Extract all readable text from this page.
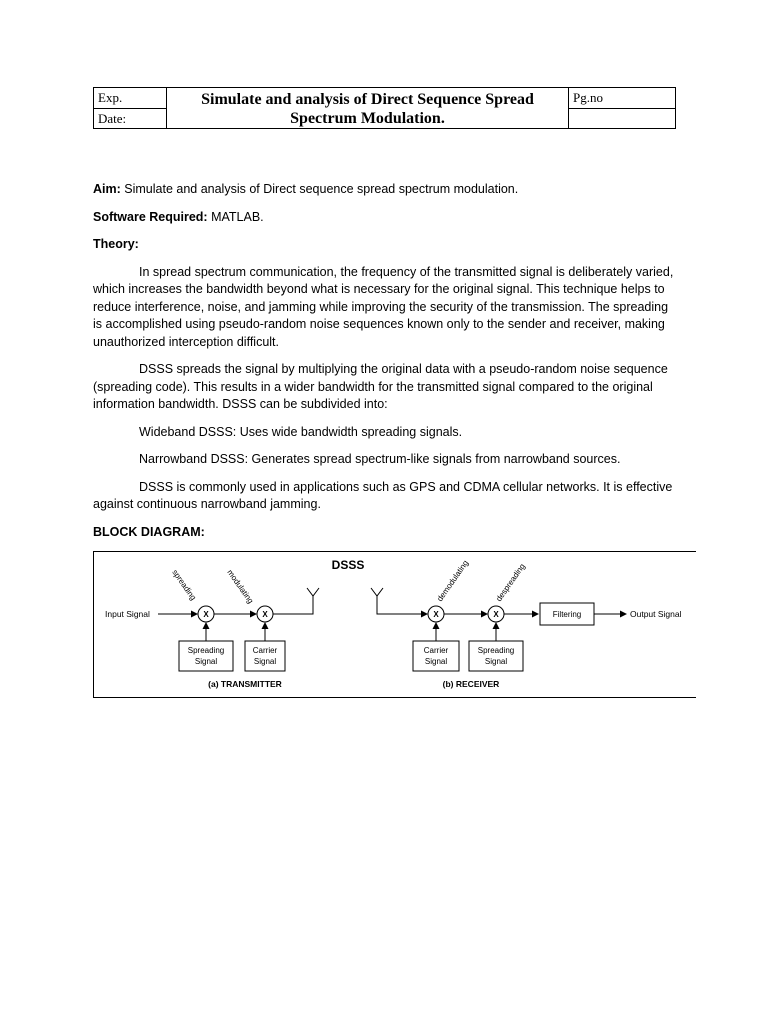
Exp.	Simulate and analysis of Direct Sequence Spread
Spectrum Modulation.	Pg.no
Date:		

Aim: Simulate and analysis of Direct sequence spread spectrum modulation.

Software Required: MATLAB.

Theory:

In spread spectrum communication, the frequency of the transmitted signal is deliberately varied, which increases the bandwidth beyond what is necessary for the original signal. This technique helps to reduce interference, noise, and jamming while improving the security of the transmission. The spreading is accomplished using pseudo-random noise sequences known only to the sender and receiver, making unauthorized interception difficult.

DSSS spreads the signal by multiplying the original data with a pseudo-random noise sequence (spreading code). This results in a wider bandwidth for the transmitted signal compared to the original information bandwidth. DSSS can be subdivided into:

Wideband DSSS: Uses wide bandwidth spreading signals.

Narrowband DSSS: Generates spread spectrum-like signals from narrowband sources.

DSSS is commonly used in applications such as GPS and CDMA cellular networks. It is effective against continuous narrowband jamming.

BLOCK DIAGRAM:

DSSS
Input Signal	X	X
spreading	modulating
Spreading
Signal
Carrier
Signal
(a) TRANSMITTER
X	X	Filtering	Output Signal
demodulating	despreading
Carrier
Signal
Spreading
Signal
(b) RECEIVER
